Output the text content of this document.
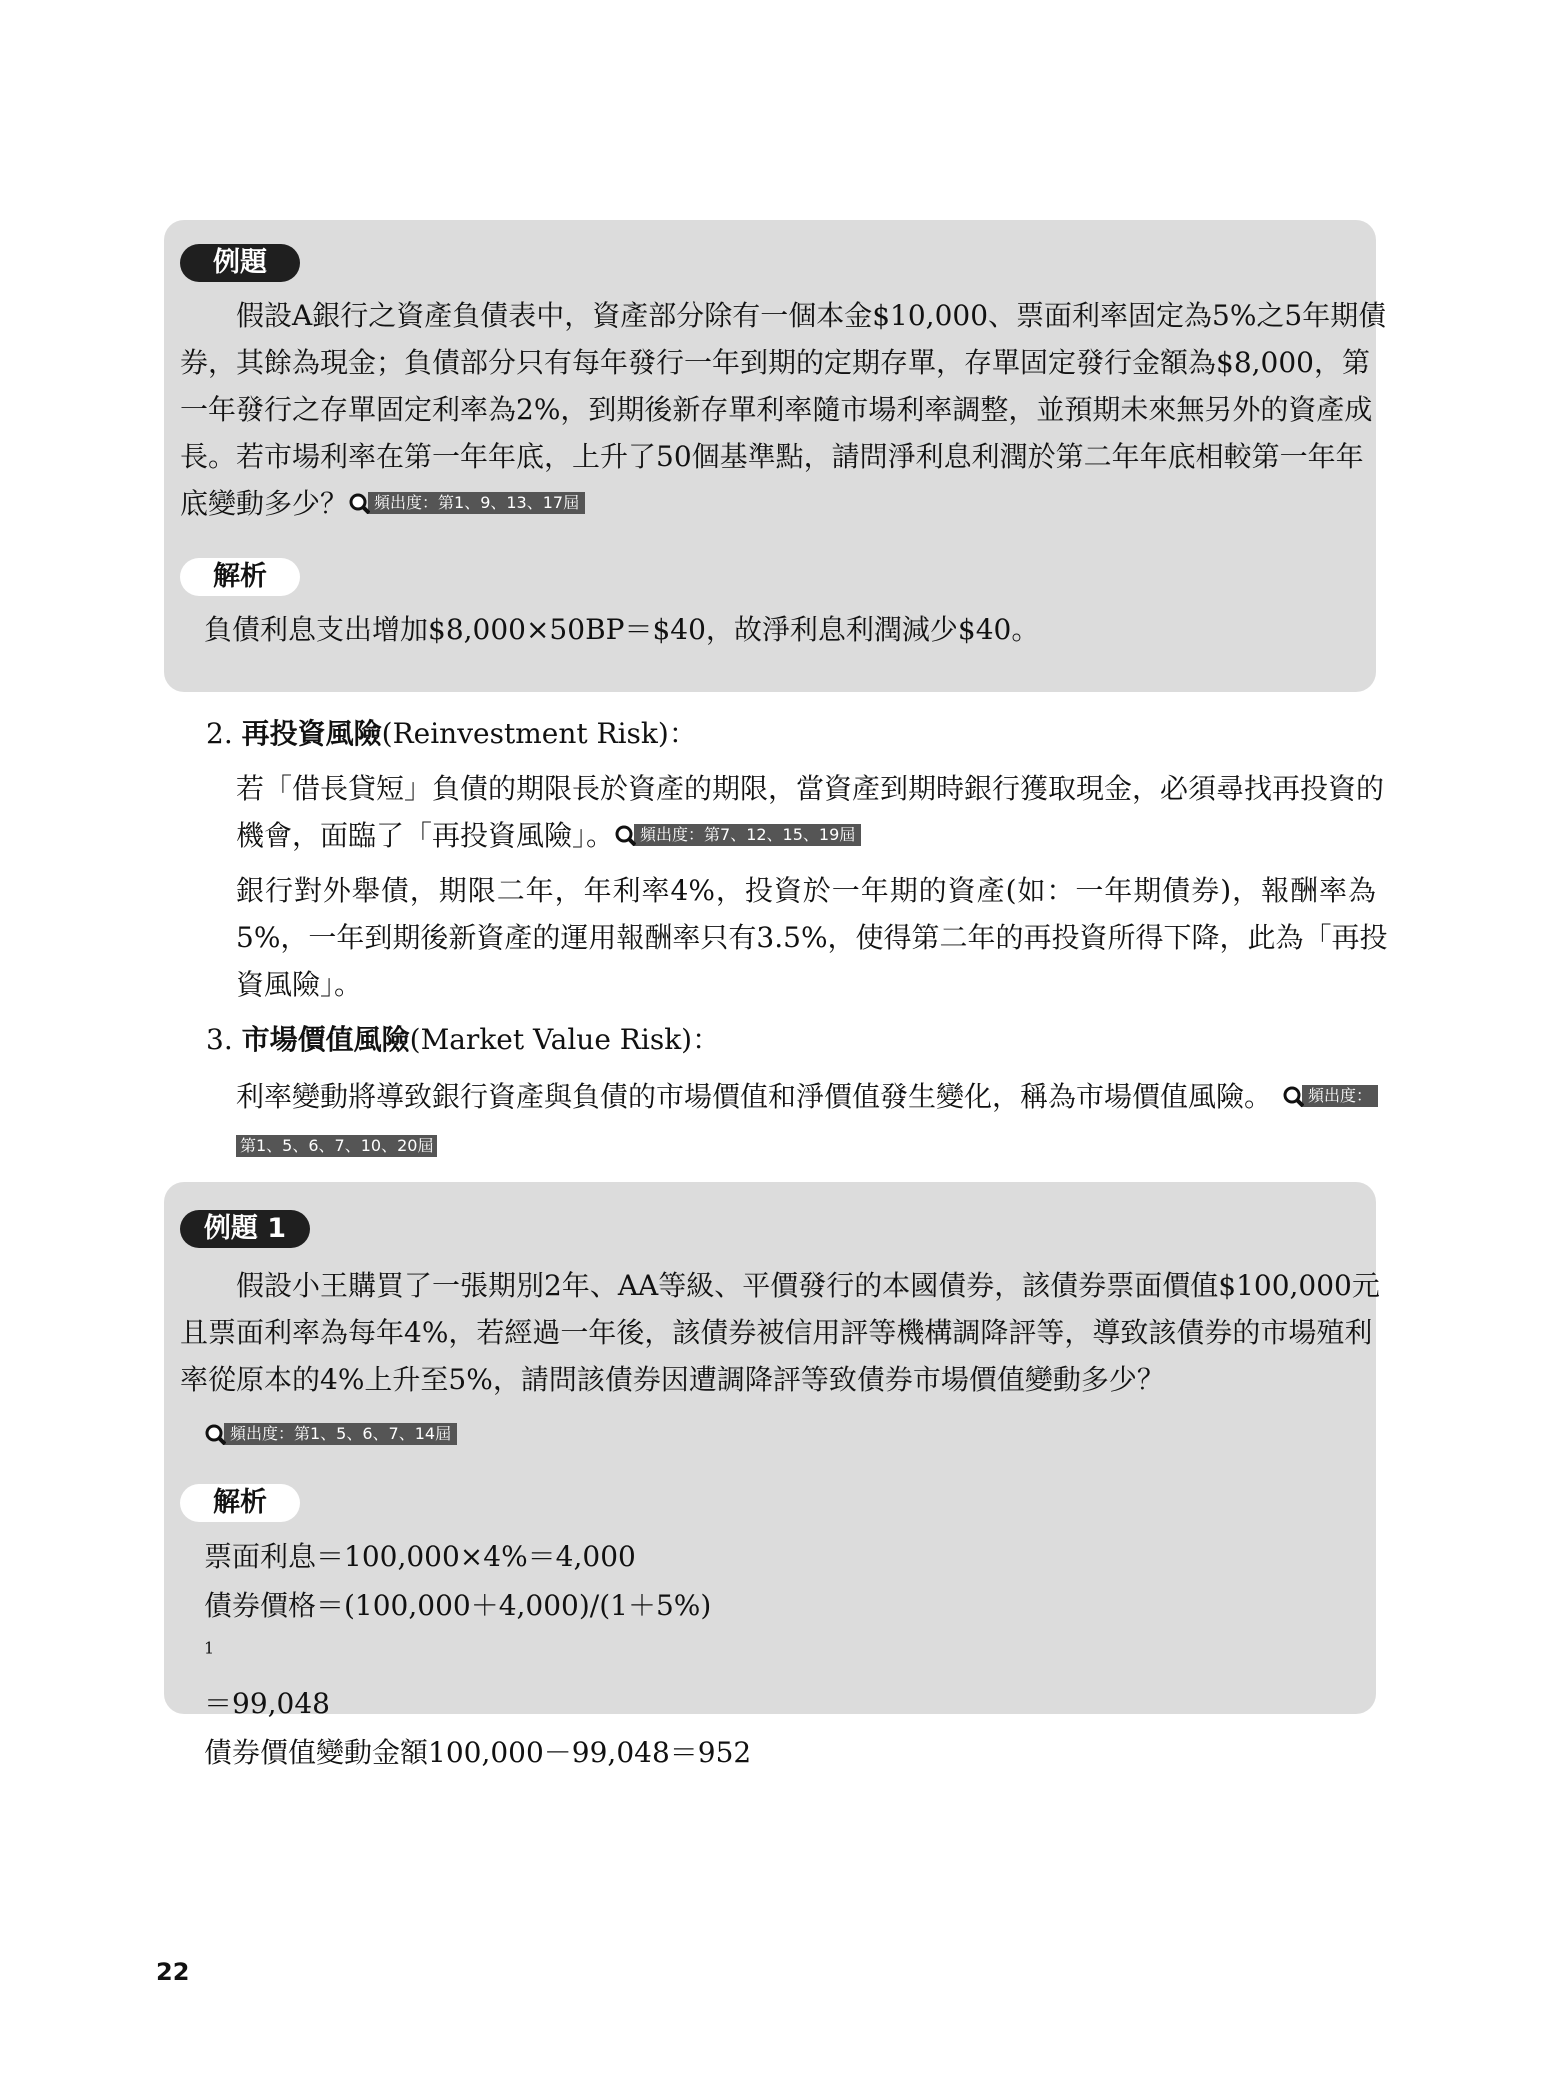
例題
假設A銀行之資產負債表中，資產部分除有一個本金$10,000、票面利率固定為5%之5年期債
券，其餘為現金；負債部分只有每年發行一年到期的定期存單，存單固定發行金額為$8,000，第
一年發行之存單固定利率為2%，到期後新存單利率隨市場利率調整，並預期未來無另外的資產成
長。若市場利率在第一年年底，上升了50個基準點，請問淨利息利潤於第二年年底相較第一年年
底變動多少？ 頻出度：第1、9、13、17屆
解析
負債利息支出增加$8,000×50BP＝$40，故淨利息利潤減少$40。
2. 再投資風險(Reinvestment Risk)：
若「借長貸短」負債的期限長於資產的期限，當資產到期時銀行獲取現金，必須尋找再投資的
機會，面臨了「再投資風險」。 頻出度：第7、12、15、19屆
銀行對外舉債，期限二年，年利率4%，投資於一年期的資產(如：一年期債券)，報酬率為
5%，一年到期後新資產的運用報酬率只有3.5%，使得第二年的再投資所得下降，此為「再投
資風險」。
3. 市場價值風險(Market Value Risk)：
利率變動將導致銀行資產與負債的市場價值和淨價值發生變化，稱為市場價值風險。 頻出度：
第1、5、6、7、10、20屆
例題 1
假設小王購買了一張期別2年、AA等級、平價發行的本國債券，該債券票面價值$100,000元
且票面利率為每年4%，若經過一年後，該債券被信用評等機構調降評等，導致該債券的市場殖利
率從原本的4%上升至5%，請問該債券因遭調降評等致債券市場價值變動多少？
頻出度：第1、5、6、7、14屆
解析
票面利息＝100,000×4%＝4,000
債券價格＝(100,000＋4,000)/(1＋5%)
$^1$
＝99,048
債券價值變動金額100,000－99,048＝952
22
